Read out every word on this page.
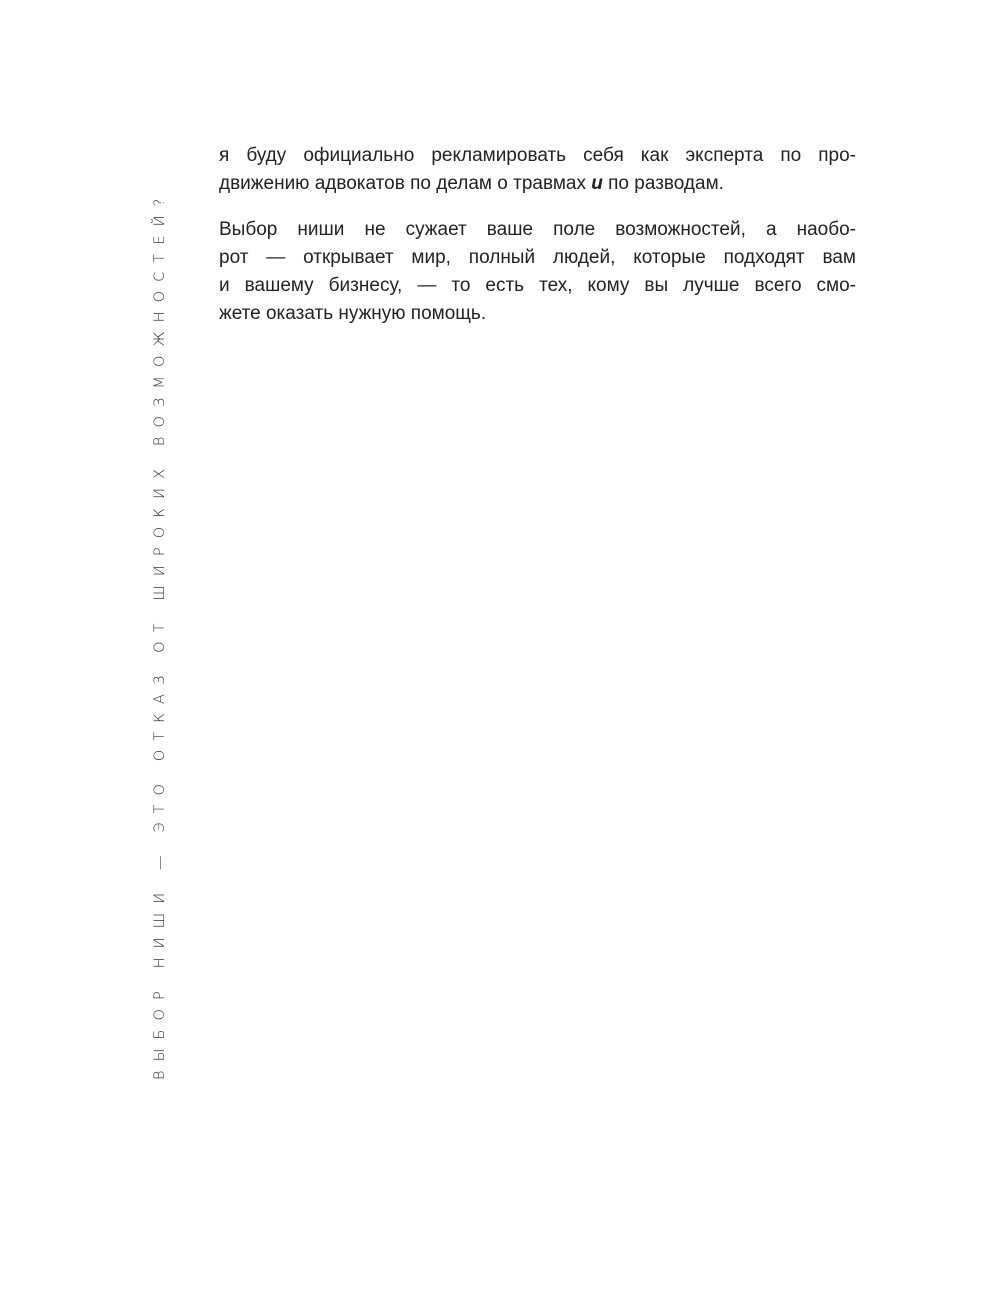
ВЫБОР НИШИ — ЭТО ОТКАЗ ОТ ШИРОКИХ ВОЗМОЖНОСТЕЙ?

я буду официально рекламировать себя как эксперта по про-
движению адвокатов по делам о травмах и по разводам.

Выбор ниши не сужает ваше поле возможностей, а наобо-
рот — открывает мир, полный людей, которые подходят вам
и вашему бизнесу, — то есть тех, кому вы лучше всего смо-
жете оказать нужную помощь.
